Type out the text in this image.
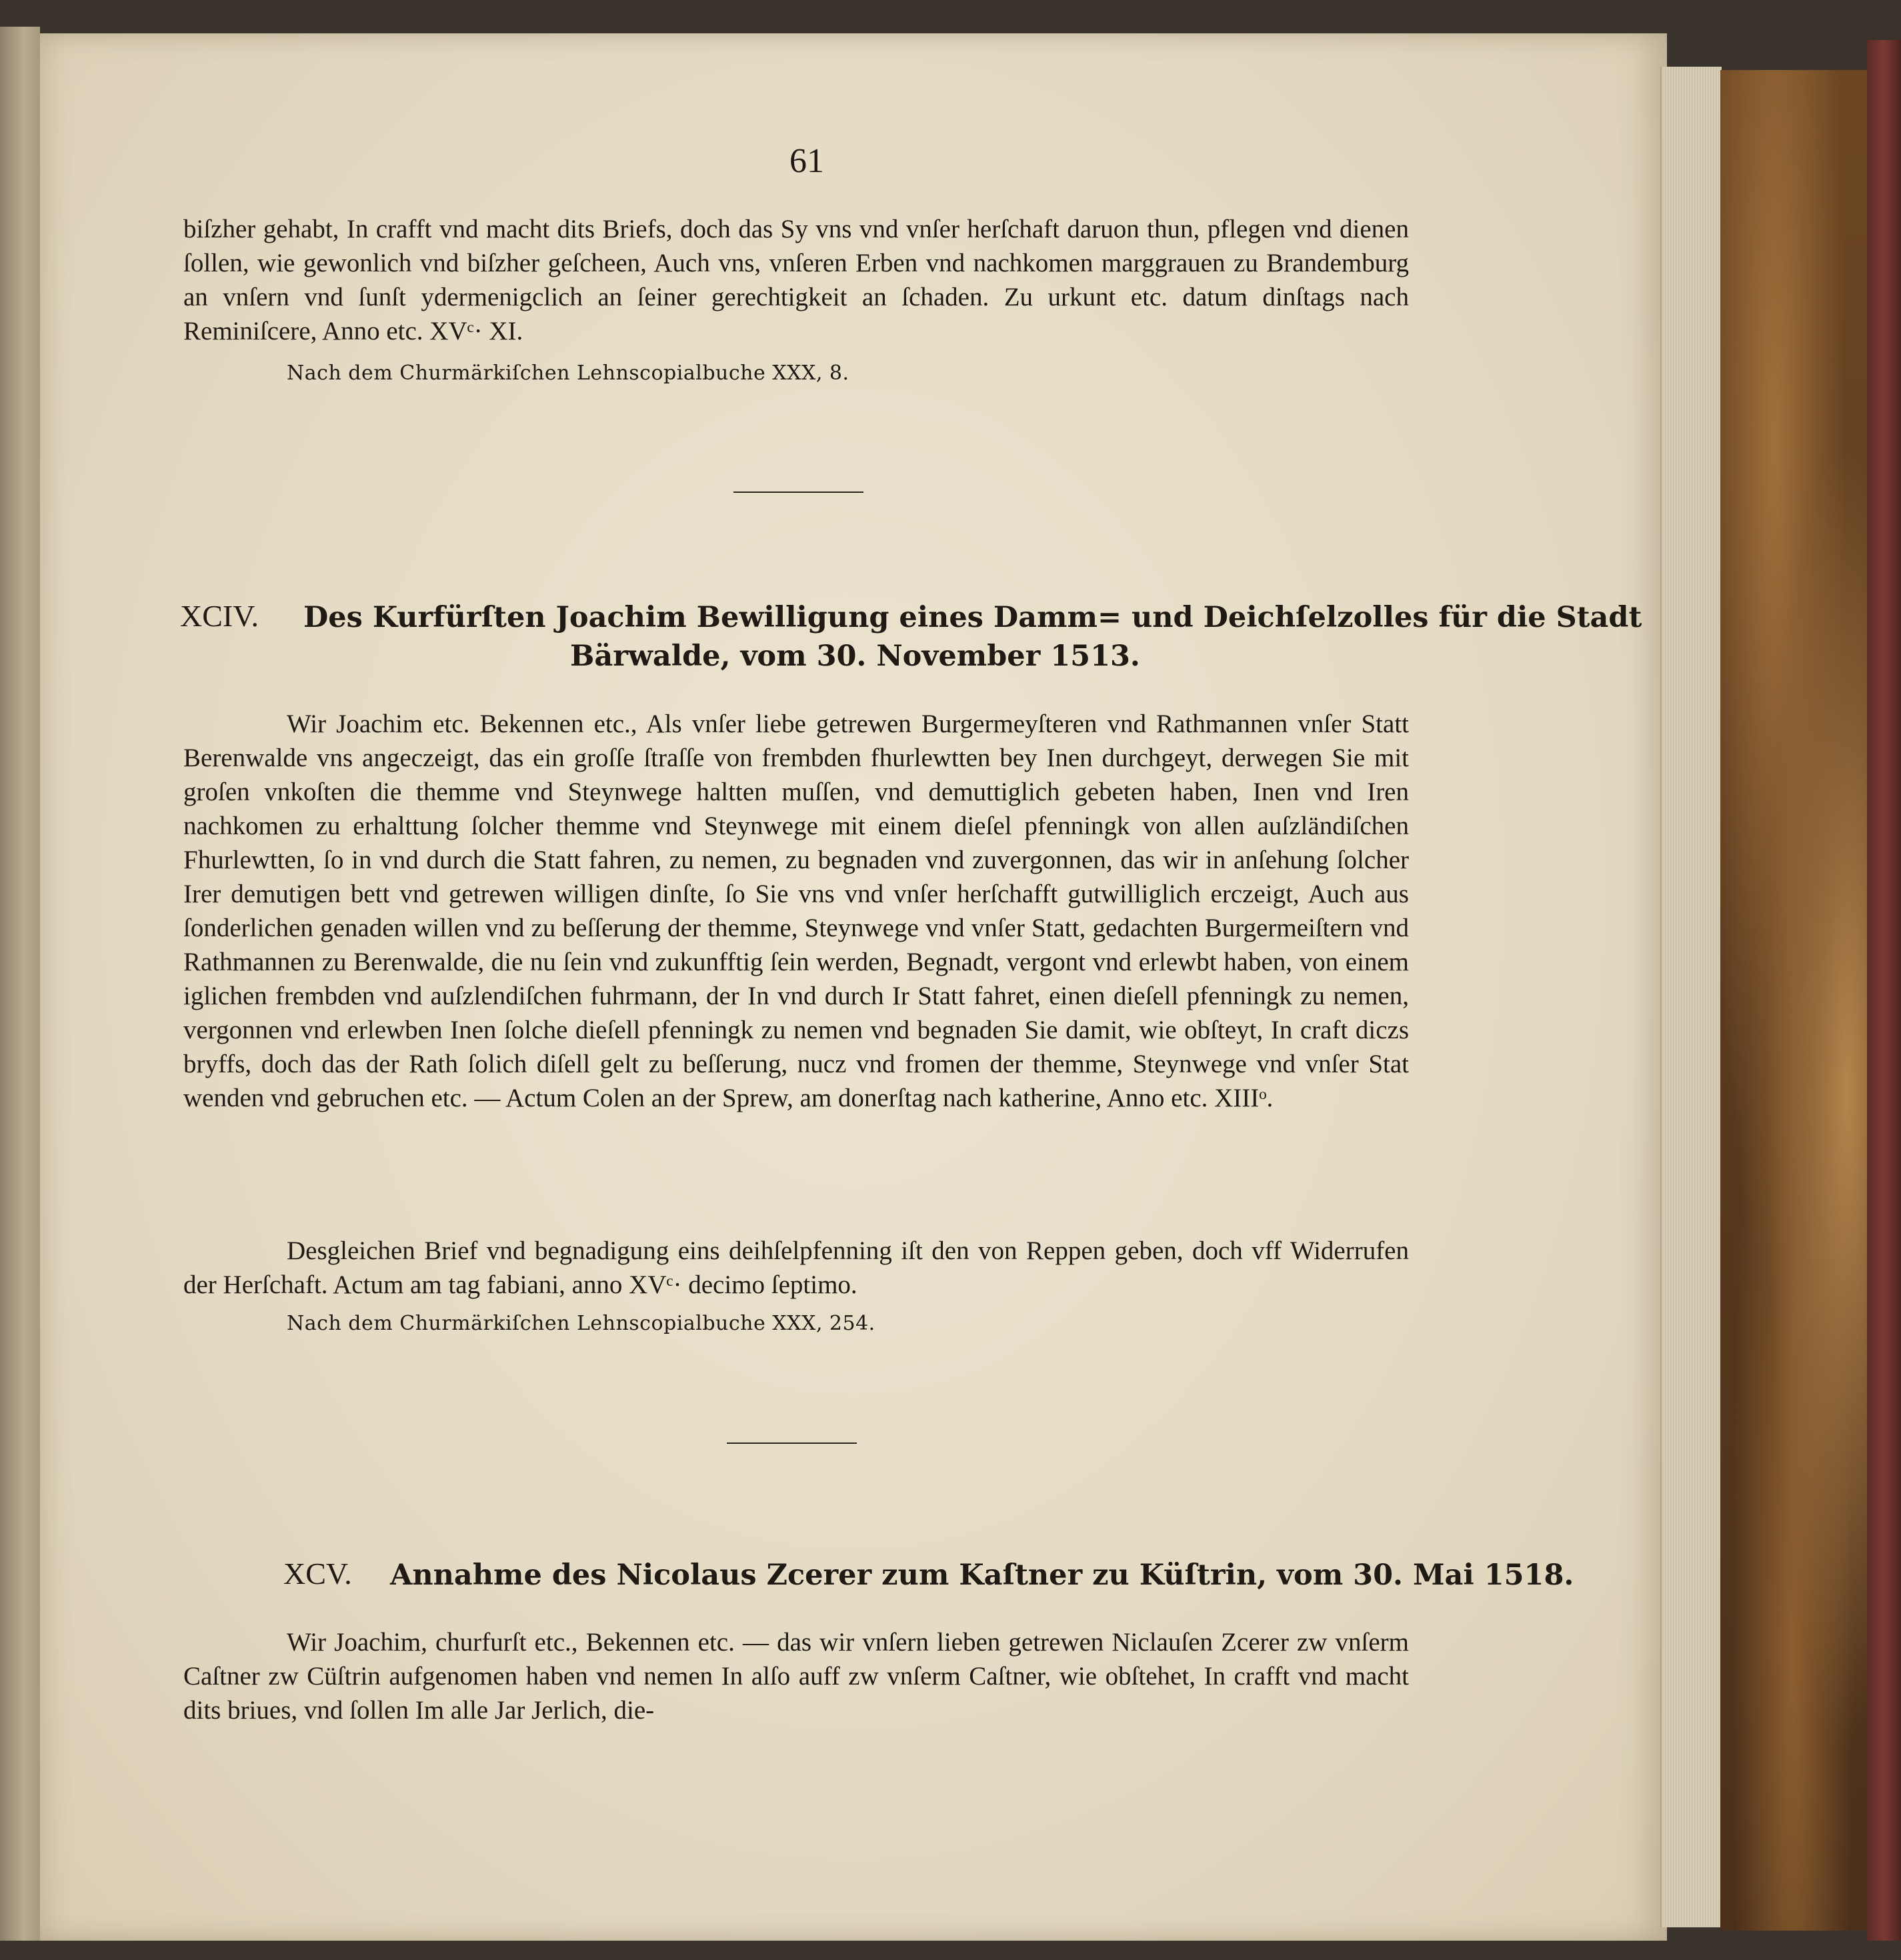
61
biſzher gehabt, In crafft vnd macht dits Briefs, doch das Sy vns vnd vnſer herſchaft daruon thun, pflegen vnd dienen ſollen, wie gewonlich vnd biſzher geſcheen, Auch vns, vnſeren Erben vnd nachkomen marggrauen zu Brandemburg an vnſern vnd ſunſt ydermenigclich an ſeiner gerechtigkeit an ſchaden. Zu urkunt etc. datum dinſtags nach Reminiſcere, Anno etc. XVᶜ· XI.
Nach dem Churmärkiſchen Lehnscopialbuche XXX, 8.
XCIV. Des Kurfürſten Joachim Bewilligung eines Damm= und Deichſelzolles für die Stadt
Bärwalde, vom 30. November 1513.
Wir Joachim etc. Bekennen etc., Als vnſer liebe getrewen Burgermeyſteren vnd Rathmannen vnſer Statt Berenwalde vns angeczeigt, das ein groſſe ſtraſſe von frembden fhurlewtten bey Inen durchgeyt, derwegen Sie mit groſen vnkoſten die themme vnd Steynwege haltten muſſen, vnd demuttiglich gebeten haben, Inen vnd Iren nachkomen zu erhalttung ſolcher themme vnd Steynwege mit einem dieſel pfenningk von allen auſzländiſchen Fhurlewtten, ſo in vnd durch die Statt fahren, zu nemen, zu begnaden vnd zuvergonnen, das wir in anſehung ſolcher Irer demutigen bett vnd getrewen willigen dinſte, ſo Sie vns vnd vnſer herſchafft gutwilliglich erczeigt, Auch aus ſonderlichen genaden willen vnd zu beſſerung der themme, Steynwege vnd vnſer Statt, gedachten Burgermeiſtern vnd Rathmannen zu Berenwalde, die nu ſein vnd zukunfftig ſein werden, Begnadt, vergont vnd erlewbt haben, von einem iglichen frembden vnd auſzlendiſchen fuhrmann, der In vnd durch Ir Statt fahret, einen dieſell pfenningk zu nemen, vergonnen vnd erlewben Inen ſolche dieſell pfenningk zu nemen vnd begnaden Sie damit, wie obſteyt, In craft diczs bryffs, doch das der Rath ſolich diſell gelt zu beſſerung, nucz vnd fromen der themme, Steynwege vnd vnſer Stat wenden vnd gebruchen etc. — Actum Colen an der Sprew, am donerſtag nach katherine, Anno etc. XIIIᵒ.
Desgleichen Brief vnd begnadigung eins deihſelpfenning iſt den von Reppen geben, doch vff Widerrufen der Herſchaft. Actum am tag fabiani, anno XVᶜ· decimo ſeptimo.
Nach dem Churmärkiſchen Lehnscopialbuche XXX, 254.
XCV. Annahme des Nicolaus Zcerer zum Kaſtner zu Küſtrin, vom 30. Mai 1518.
Wir Joachim, churfurſt etc., Bekennen etc. — das wir vnſern lieben getrewen Niclauſen Zcerer zw vnſerm Caſtner zw Cüſtrin aufgenomen haben vnd nemen In alſo auff zw vnſerm Caſtner, wie obſtehet, In crafft vnd macht dits briues, vnd ſollen Im alle Jar Jerlich, die-
